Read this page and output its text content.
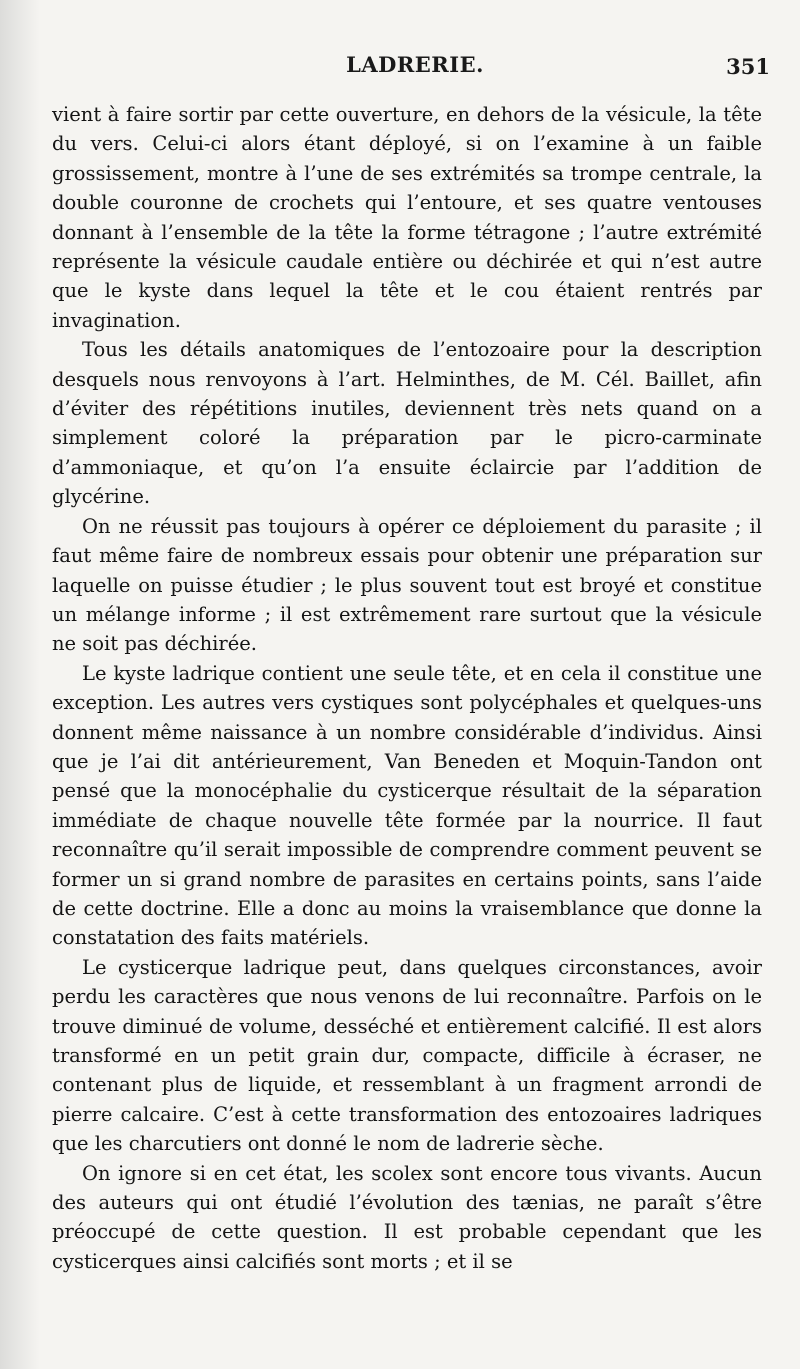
LADRERIE.	351

vient à faire sortir par cette ouverture, en dehors de la vésicule, la tête du vers. Celui-ci alors étant déployé, si on l’examine à un faible grossissement, montre à l’une de ses extrémités sa trompe centrale, la double couronne de crochets qui l’entoure, et ses quatre ventouses donnant à l’ensemble de la tête la forme tétragone ; l’autre extrémité représente la vésicule caudale entière ou déchirée et qui n’est autre que le kyste dans lequel la tête et le cou étaient rentrés par invagination.

Tous les détails anatomiques de l’entozoaire pour la description desquels nous renvoyons à l’art. Helminthes, de M. Cél. Baillet, afin d’éviter des répétitions inutiles, deviennent très nets quand on a simplement coloré la préparation par le picro-carminate d’ammoniaque, et qu’on l’a ensuite éclaircie par l’addition de glycérine.

On ne réussit pas toujours à opérer ce déploiement du parasite ; il faut même faire de nombreux essais pour obtenir une préparation sur laquelle on puisse étudier ; le plus souvent tout est broyé et constitue un mélange informe ; il est extrêmement rare surtout que la vésicule ne soit pas déchirée.

Le kyste ladrique contient une seule tête, et en cela il constitue une exception. Les autres vers cystiques sont polycéphales et quelques-uns donnent même naissance à un nombre considérable d’individus. Ainsi que je l’ai dit antérieurement, Van Beneden et Moquin-Tandon ont pensé que la monocéphalie du cysticerque résultait de la séparation immédiate de chaque nouvelle tête formée par la nourrice. Il faut reconnaître qu’il serait impossible de comprendre comment peuvent se former un si grand nombre de parasites en certains points, sans l’aide de cette doctrine. Elle a donc au moins la vraisemblance que donne la constatation des faits matériels.

Le cysticerque ladrique peut, dans quelques circonstances, avoir perdu les caractères que nous venons de lui reconnaître. Parfois on le trouve diminué de volume, desséché et entièrement calcifié. Il est alors transformé en un petit grain dur, compacte, difficile à écraser, ne contenant plus de liquide, et ressemblant à un fragment arrondi de pierre calcaire. C’est à cette transformation des entozoaires ladriques que les charcutiers ont donné le nom de ladrerie sèche.

On ignore si en cet état, les scolex sont encore tous vivants. Aucun des auteurs qui ont étudié l’évolution des tænias, ne paraît s’être préoccupé de cette question. Il est probable cependant que les cysticerques ainsi calcifiés sont morts ; et il se
